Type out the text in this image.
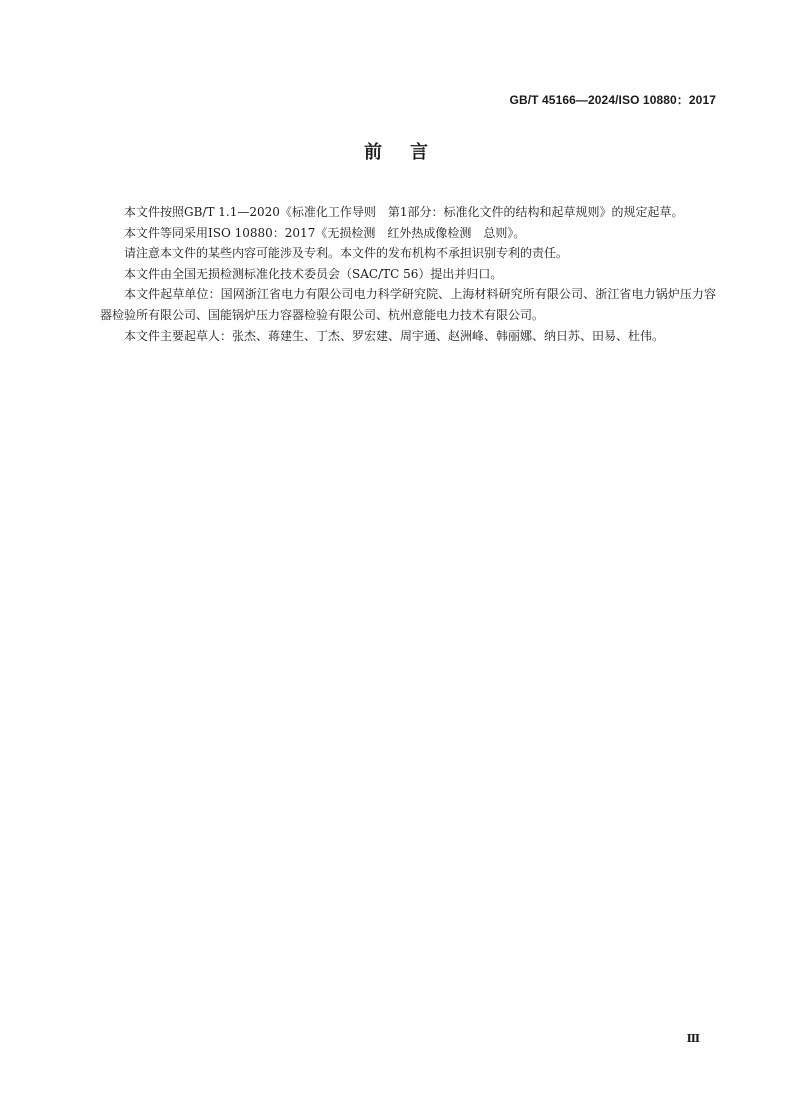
GB/T 45166—2024/ISO 10880：2017
前言

本文件按照GB/T 1.1—2020《标准化工作导则　第1部分：标准化文件的结构和起草规则》的规定起草。

本文件等同采用ISO 10880：2017《无损检测　红外热成像检测　总则》。

请注意本文件的某些内容可能涉及专利。本文件的发布机构不承担识别专利的责任。

本文件由全国无损检测标准化技术委员会（SAC/TC 56）提出并归口。

本文件起草单位：国网浙江省电力有限公司电力科学研究院、上海材料研究所有限公司、浙江省电力锅炉压力容器检验所有限公司、国能锅炉压力容器检验有限公司、杭州意能电力技术有限公司。

本文件主要起草人：张杰、蒋建生、丁杰、罗宏建、周宇通、赵洲峰、韩丽娜、纳日苏、田易、杜伟。

Ⅲ
